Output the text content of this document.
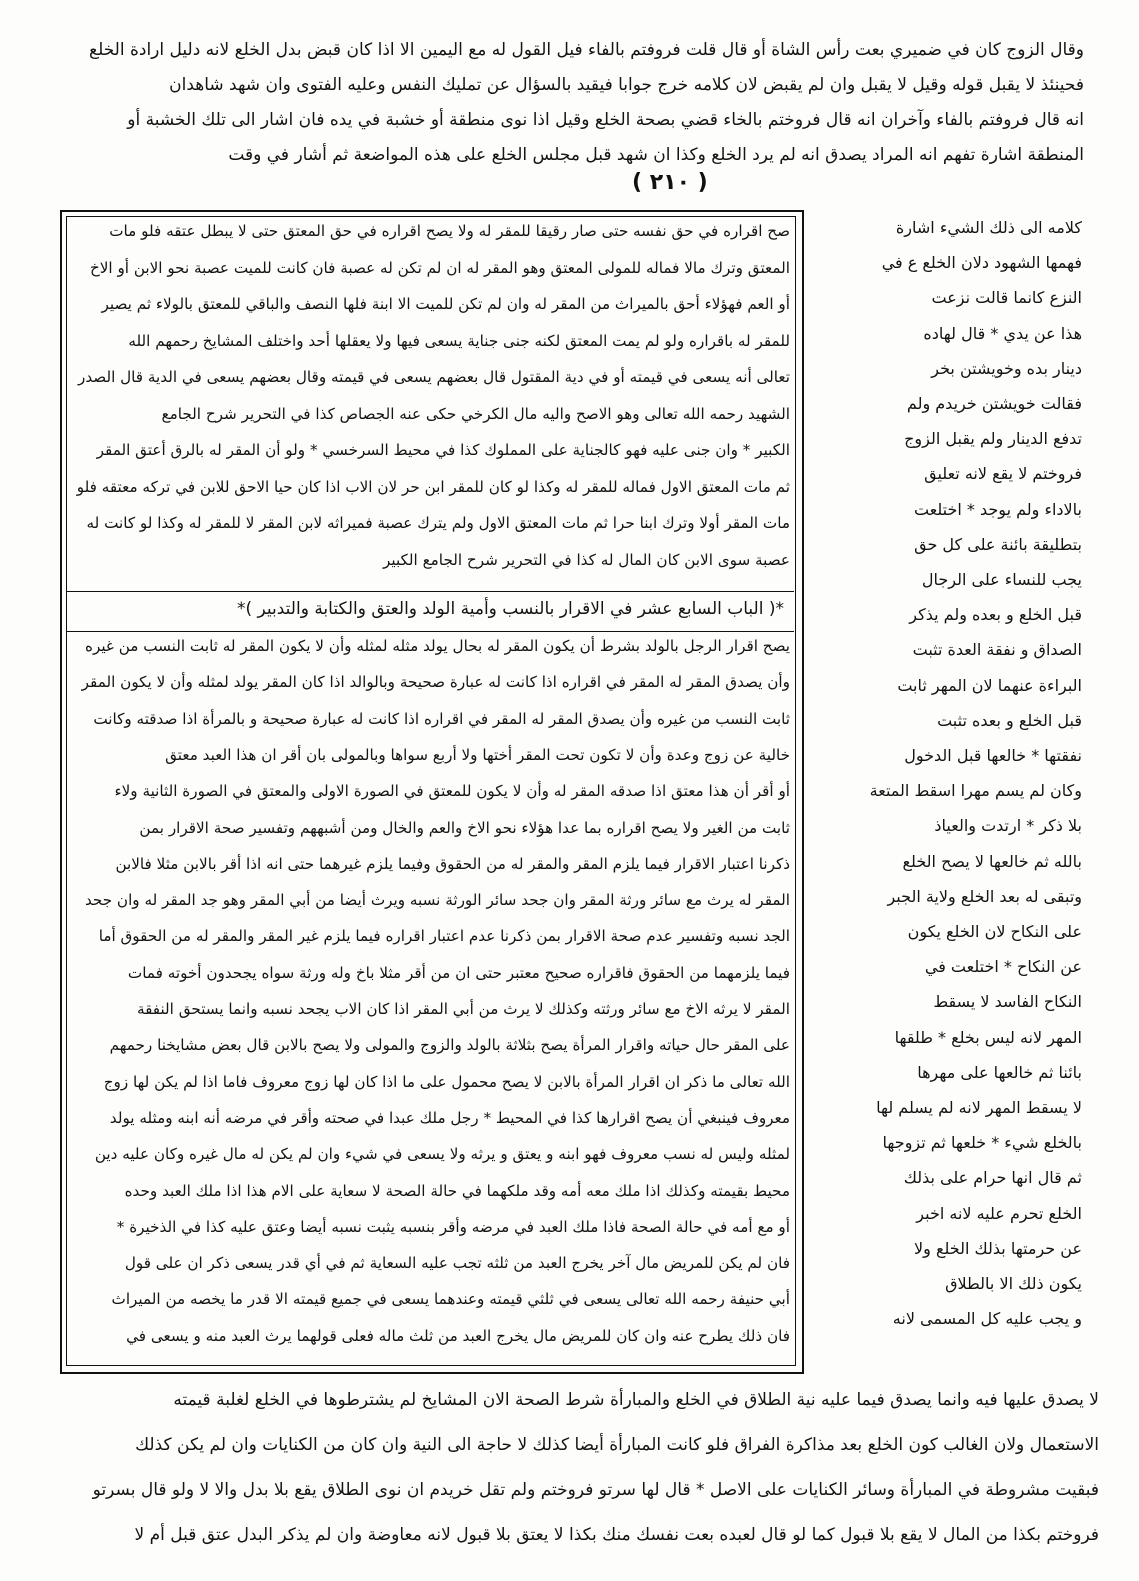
وقال الزوج كان في ضميري بعت رأس الشاة أو قال قلت فروفتم بالفاء فيل القول له مع اليمين الا اذا كان قبض بدل الخلع لانه دليل ارادة الخلع
فحينئذ لا يقبل قوله وقيل لا يقبل وان لم يقبض لان كلامه خرج جوابا فيقيد بالسؤال عن تمليك النفس وعليه الفتوى وان شهد شاهدان
انه قال فروفتم بالفاء وآخران انه قال فروختم بالخاء قضي بصحة الخلع وقيل اذا نوى منطقة أو خشبة في يده فان اشار الى تلك الخشبة أو
المنطقة اشارة تفهم انه المراد يصدق انه لم يرد الخلع وكذا ان شهد قبل مجلس الخلع على هذه المواضعة ثم أشار في وقت
( ٢١٠ )
كلامه الى ذلك الشيء اشارة
فهمها الشهود دلان الخلع ع في
النزع كانما قالت نزعت
هذا عن يدي * قال لهاده
دينار بده وخويشتن بخر
فقالت خويشتن خريدم ولم
تدفع الدينار ولم يقبل الزوج
فروختم لا يقع لانه تعليق
بالاداء ولم يوجد * اختلعت
بتطليقة بائنة على كل حق
يجب للنساء على الرجال
قبل الخلع و بعده ولم يذكر
الصداق و نفقة العدة تثبت
البراءة عنهما لان المهر ثابت
قبل الخلع و بعده تثبت
نفقتها * خالعها قبل الدخول
وكان لم يسم مهرا اسقط المتعة
بلا ذكر * ارتدت والعياذ
بالله ثم خالعها لا يصح الخلع
وتبقى له بعد الخلع ولاية الجبر
على النكاح لان الخلع يكون
عن النكاح * اختلعت في
النكاح الفاسد لا يسقط
المهر لانه ليس بخلع * طلقها
بائنا ثم خالعها على مهرها
لا يسقط المهر لانه لم يسلم لها
بالخلع شيء * خلعها ثم تزوجها
ثم قال انها حرام على بذلك
الخلع تحرم عليه لانه اخبر
عن حرمتها بذلك الخلع ولا
يكون ذلك الا بالطلاق
و يجب عليه كل المسمى لانه
صح اقراره في حق نفسه حتى صار رقيقا للمقر له ولا يصح اقراره في حق المعتق حتى لا يبطل عتقه فلو مات
المعتق وترك مالا فماله للمولى المعتق وهو المقر له ان لم تكن له عصبة فان كانت للميت عصبة نحو الابن أو الاخ
أو العم فهؤلاء أحق بالميراث من المقر له وان لم تكن للميت الا ابنة فلها النصف والباقي للمعتق بالولاء ثم يصير
للمقر له باقراره ولو لم يمت المعتق لكنه جنى جناية يسعى فيها ولا يعقلها أحد واختلف المشايخ رحمهم الله
تعالى أنه يسعى في قيمته أو في دية المقتول قال بعضهم يسعى في قيمته وقال بعضهم يسعى في الدية قال الصدر
الشهيد رحمه الله تعالى وهو الاصح واليه مال الكرخي حكى عنه الجصاص كذا في التحرير شرح الجامع
الكبير * وان جنى عليه فهو كالجناية على المملوك كذا في محيط السرخسي * ولو أن المقر له بالرق أعتق المقر
ثم مات المعتق الاول فماله للمقر له وكذا لو كان للمقر ابن حر لان الاب اذا كان حيا الاحق للابن في تركه معتقه فلو
مات المقر أولا وترك ابنا حرا ثم مات المعتق الاول ولم يترك عصبة فميراثه لابن المقر لا للمقر له وكذا لو كانت له
عصبة سوى الابن كان المال له كذا في التحرير شرح الجامع الكبير
*( الباب السابع عشر في الاقرار بالنسب وأمية الولد والعتق والكتابة والتدبير )*
يصح اقرار الرجل بالولد بشرط أن يكون المقر له بحال يولد مثله لمثله وأن لا يكون المقر له ثابت النسب من غيره
وأن يصدق المقر له المقر في اقراره اذا كانت له عبارة صحيحة وبالوالد اذا كان المقر يولد لمثله وأن لا يكون المقر
ثابت النسب من غيره وأن يصدق المقر له المقر في اقراره اذا كانت له عبارة صحيحة و بالمرأة اذا صدقته وكانت
خالية عن زوج وعدة وأن لا تكون تحت المقر أختها ولا أربع سواها وبالمولى بان أقر ان هذا العبد معتق
أو أقر أن هذا معتق اذا صدقه المقر له وأن لا يكون للمعتق في الصورة الاولى والمعتق في الصورة الثانية ولاء
ثابت من الغير ولا يصح اقراره بما عدا هؤلاء نحو الاخ والعم والخال ومن أشبههم وتفسير صحة الاقرار بمن
ذكرنا اعتبار الاقرار فيما يلزم المقر والمقر له من الحقوق وفيما يلزم غيرهما حتى انه اذا أقر بالابن مثلا فالابن
المقر له يرث مع سائر ورثة المقر وان جحد سائر الورثة نسبه ويرث أيضا من أبي المقر وهو جد المقر له وان جحد
الجد نسبه وتفسير عدم صحة الاقرار بمن ذكرنا عدم اعتبار اقراره فيما يلزم غير المقر والمقر له من الحقوق أما
فيما يلزمهما من الحقوق فاقراره صحيح معتبر حتى ان من أقر مثلا باخ وله ورثة سواه يجحدون أخوته فمات
المقر لا يرثه الاخ مع سائر ورثته وكذلك لا يرث من أبي المقر اذا كان الاب يجحد نسبه وانما يستحق النفقة
على المقر حال حياته واقرار المرأة يصح بثلاثة بالولد والزوج والمولى ولا يصح بالابن قال بعض مشايخنا رحمهم
الله تعالى ما ذكر ان اقرار المرأة بالابن لا يصح محمول على ما اذا كان لها زوج معروف فاما اذا لم يكن لها زوج
معروف فينبغي أن يصح اقرارها كذا في المحيط * رجل ملك عبدا في صحته وأقر في مرضه أنه ابنه ومثله يولد
لمثله وليس له نسب معروف فهو ابنه و يعتق و يرثه ولا يسعى في شيء وان لم يكن له مال غيره وكان عليه دين
محيط بقيمته وكذلك اذا ملك معه أمه وقد ملكهما في حالة الصحة لا سعاية على الام هذا اذا ملك العبد وحده
أو مع أمه في حالة الصحة فاذا ملك العبد في مرضه وأقر بنسبه يثبت نسبه أيضا وعتق عليه كذا في الذخيرة *
فان لم يكن للمريض مال آخر يخرج العبد من ثلثه تجب عليه السعاية ثم في أي قدر يسعى ذكر ان على قول
أبي حنيفة رحمه الله تعالى يسعى في ثلثي قيمته وعندهما يسعى في جميع قيمته الا قدر ما يخصه من الميراث
فان ذلك يطرح عنه وان كان للمريض مال يخرج العبد من ثلث ماله فعلى قولهما يرث العبد منه و يسعى في
لا يصدق عليها فيه وانما يصدق فيما عليه نية الطلاق في الخلع والمبارأة شرط الصحة الان المشايخ لم يشترطوها في الخلع لغلبة قيمته
الاستعمال ولان الغالب كون الخلع بعد مذاكرة الفراق فلو كانت المبارأة أيضا كذلك لا حاجة الى النية وان كان من الكنايات وان لم يكن كذلك
فبقيت مشروطة في المبارأة وسائر الكنايات على الاصل * قال لها سرتو فروختم ولم تقل خريدم ان نوى الطلاق يقع بلا بدل والا لا ولو قال بسرتو
فروختم بكذا من المال لا يقع بلا قبول كما لو قال لعبده بعت نفسك منك بكذا لا يعتق بلا قبول لانه معاوضة وان لم يذكر البدل عتق قبل أم لا
